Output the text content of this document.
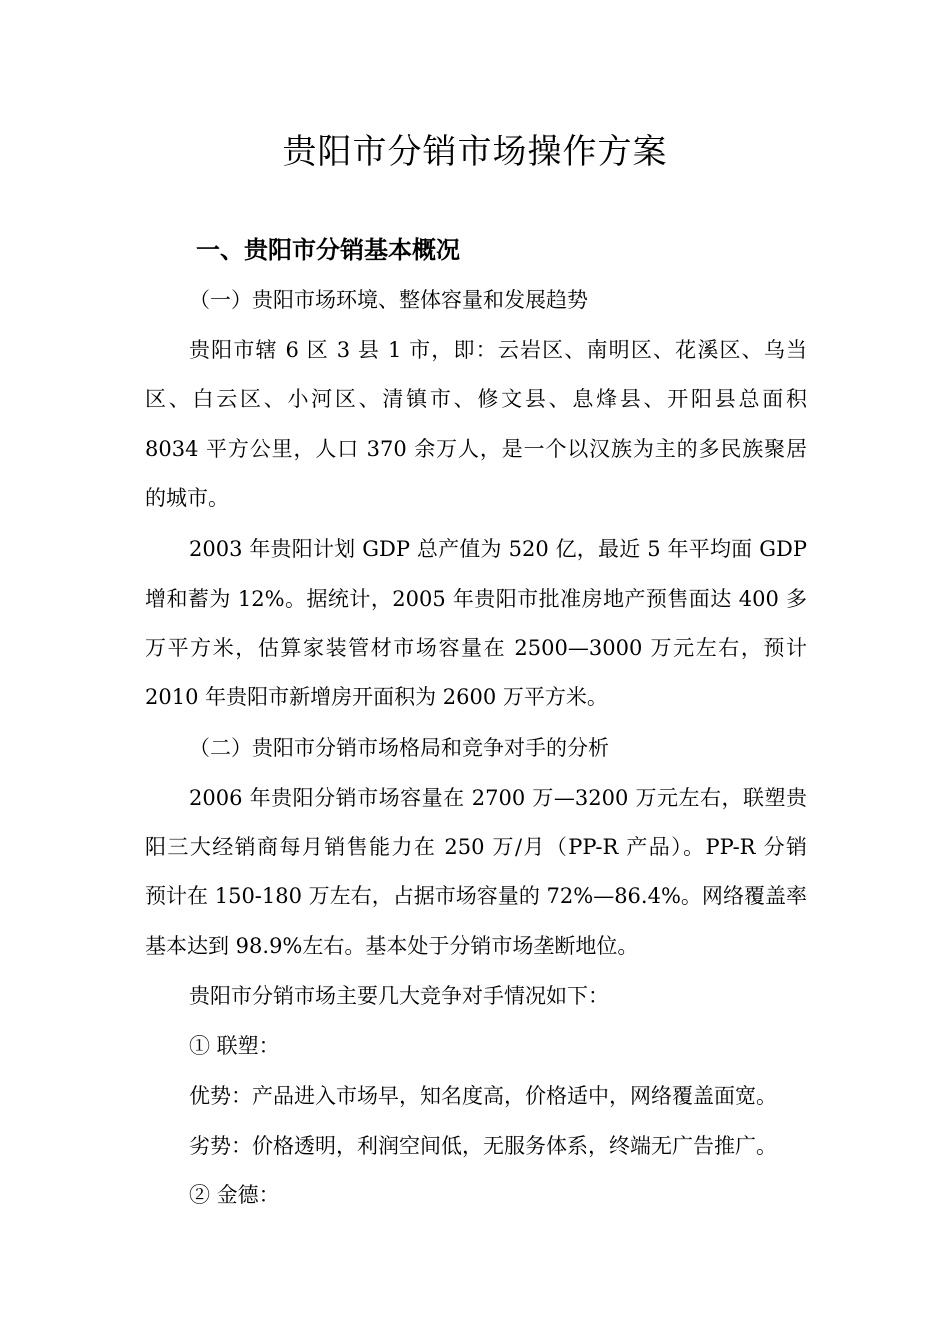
贵阳市分销市场操作方案
一、贵阳市分销基本概况
（一）贵阳市场环境、整体容量和发展趋势
贵阳市辖 6 区 3 县 1 市，即：云岩区、南明区、花溪区、乌当
区、白云区、小河区、清镇市、修文县、息烽县、开阳县总面积
8034 平方公里，人口 370 余万人，是一个以汉族为主的多民族聚居
的城市。
2003 年贵阳计划 GDP 总产值为 520 亿，最近 5 年平均面 GDP
增和蓄为 12%。据统计，2005 年贵阳市批准房地产预售面达 400 多
万平方米，估算家装管材市场容量在 2500—3000 万元左右，预计
2010 年贵阳市新增房开面积为 2600 万平方米。
（二）贵阳市分销市场格局和竞争对手的分析
2006 年贵阳分销市场容量在 2700 万—3200 万元左右，联塑贵
阳三大经销商每月销售能力在 250 万/月（PP-R 产品）。PP-R 分销
预计在 150-180 万左右，占据市场容量的 72%—86.4%。网络覆盖率
基本达到 98.9%左右。基本处于分销市场垄断地位。
贵阳市分销市场主要几大竞争对手情况如下：
① 联塑：
优势：产品进入市场早，知名度高，价格适中，网络覆盖面宽。
劣势：价格透明，利润空间低，无服务体系，终端无广告推广。
② 金德：
